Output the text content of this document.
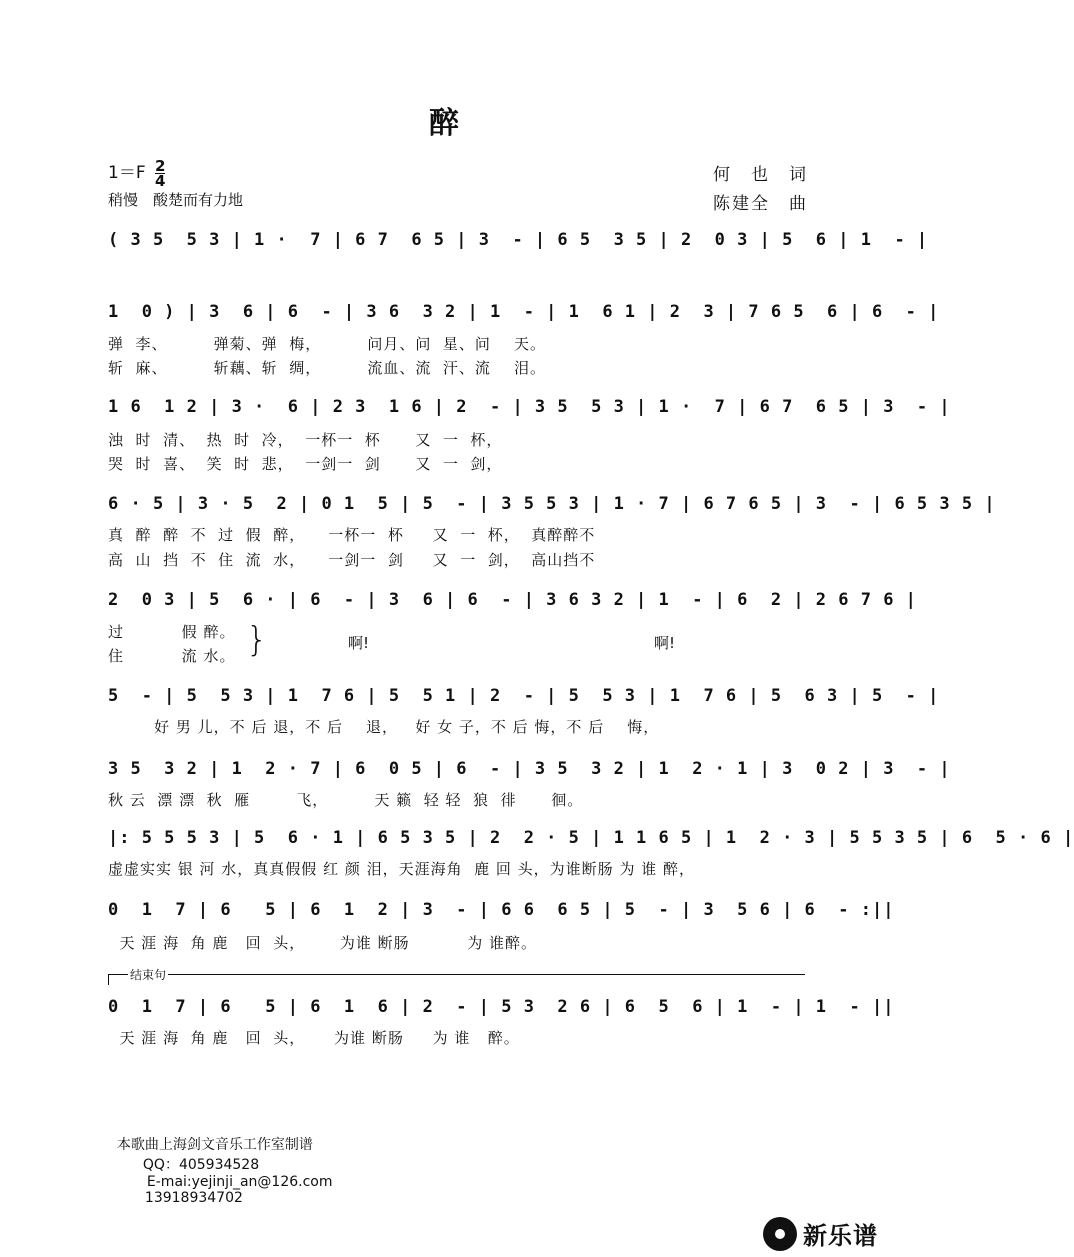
醉
$1=F \frac{2}{4}$
稍慢　酸楚而有力地
何　也　词
陈建全　曲
( 3 5  5 3 | 1 ·  7 | 6 7  6 5 | 3  - | 6 5  3 5 | 2  0 3 | 5  6 | 1  - |
1  0 ) | 3  6 | 6  - | 3 6  3 2 | 1  - | 1  6 1 | 2  3 | 7 6 5  6 | 6  - |
弹  李、        弹菊、弹  梅，        问月、问  星、问    天。
斩  麻、        斩藕、斩  绸，        流血、流  汗、流    泪。
1 6  1 2 | 3 ·  6 | 2 3  1 6 | 2  - | 3 5  5 3 | 1 ·  7 | 6 7  6 5 | 3  - |
浊  时  清、  热  时  冷，  一杯一  杯      又  一  杯，
哭  时  喜、  笑  时  悲，  一剑一  剑      又  一  剑，
6 · 5 | 3 · 5  2 | 0 1  5 | 5  - | 3 5 5 3 | 1 · 7 | 6 7 6 5 | 3  - | 6 5 3 5 |
真  醉  醉  不  过  假  醉，    一杯一  杯     又  一  杯，  真醉醉不
高  山  挡  不  住  流  水，    一剑一  剑     又  一  剑，  高山挡不
2  0 3 | 5  6 · | 6  - | 3  6 | 6  - | 3 6 3 2 | 1  - | 6  2 | 2 6 7 6 |
过          假 醉。
住          流 水。 }	啊!	啊!
5  - | 5  5 3 | 1  7 6 | 5  5 1 | 2  - | 5  5 3 | 1  7 6 | 5  6 3 | 5  - |
好 男 儿，不 后 退，不 后    退，   好 女 子，不 后 悔，不 后    悔，
3 5  3 2 | 1  2 · 7 | 6  0 5 | 6  - | 3 5  3 2 | 1  2 · 1 | 3  0 2 | 3  - |
秋 云  漂 漂  秋  雁        飞，        天 籁  轻 轻  狼  徘      徊。
|: 5 5 5 3 | 5  6 · 1 | 6 5 3 5 | 2  2 · 5 | 1 1 6 5 | 1  2 · 3 | 5 5 3 5 | 6  5 · 6 |
虚虚实实 银 河 水，真真假假 红 颜 泪，天涯海角  鹿 回 头，为谁断肠 为 谁 醉，
0  1  7 | 6   5 | 6  1  2 | 3  - | 6 6  6 5 | 5  - | 3  5 6 | 6  - :||
天 涯 海  角 鹿   回  头，      为谁 断肠          为 谁醉。
结束句
0  1  7 | 6   5 | 6  1  6 | 2  - | 5 3  2 6 | 6  5  6 | 1  - | 1  - ||
天 涯 海  角 鹿   回  头，     为谁 断肠     为 谁   醉。

本歌曲上海剑文音乐工作室制谱
QQ：405934528
E-mai:yejinji_an@126.com
13918934702

新乐谱
